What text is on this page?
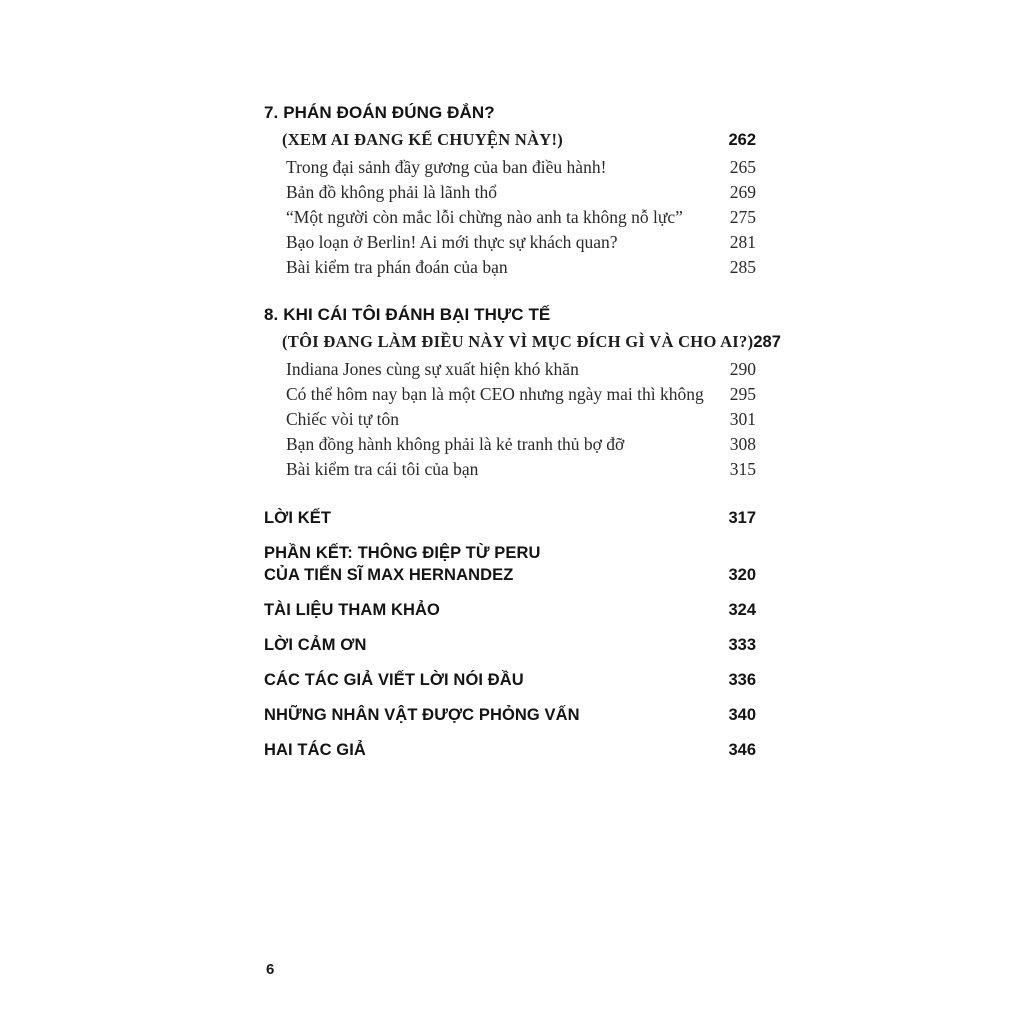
7. PHÁN ĐOÁN ĐÚNG ĐẮN?
(XEM AI ĐANG KỂ CHUYỆN NÀY!)	262
Trong đại sảnh đầy gương của ban điều hành!	265
Bản đồ không phải là lãnh thổ	269
“Một người còn mắc lỗi chừng nào anh ta không nỗ lực”	275
Bạo loạn ở Berlin! Ai mới thực sự khách quan?	281
Bài kiểm tra phán đoán của bạn	285
8. KHI CÁI TÔI ĐÁNH BẠI THỰC TẾ
(TÔI ĐANG LÀM ĐIỀU NÀY VÌ MỤC ĐÍCH GÌ VÀ CHO AI?) 287
Indiana Jones cùng sự xuất hiện khó khăn	290
Có thể hôm nay bạn là một CEO nhưng ngày mai thì không 295
Chiếc vòi tự tôn	301
Bạn đồng hành không phải là kẻ tranh thủ bợ đỡ	308
Bài kiểm tra cái tôi của bạn	315
LỜI KẾT	317
PHẦN KẾT: THÔNG ĐIỆP TỪ PERU
CỦA TIẾN SĨ MAX HERNANDEZ	320
TÀI LIỆU THAM KHẢO	324
LỜI CẢM ƠN	333
CÁC TÁC GIẢ VIẾT LỜI NÓI ĐẦU	336
NHỮNG NHÂN VẬT ĐƯỢC PHỎNG VẤN	340
HAI TÁC GIẢ	346
6
